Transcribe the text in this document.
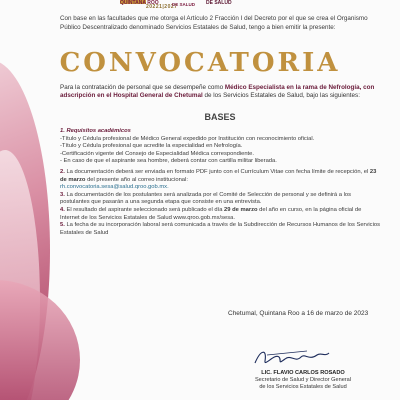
QUINTANA ROO
20221|2027
DE SALUD DE SALUD
Con base en las facultades que me otorga el Artículo 2 Fracción I del Decreto por el que se crea el Organismo Público Descentralizado denominado Servicios Estatales de Salud, tengo a bien emitir la presente:
CONVOCATORIA
Para la contratación de personal que se desempeñe como Médico Especialista en la rama de Nefrología, con adscripción en el Hospital General de Chetumal de los Servicios Estatales de Salud, bajo las siguientes:
BASES

1. Requisitos académicos

-Título y Cédula profesional de Médico General expedido por Institución con reconocimiento oficial.

-Título y Cédula profesional que acredite la especialidad en Nefrología.

-Certificación vigente del Consejo de Especialidad Médica correspondiente.

- En caso de que el aspirante sea hombre, deberá contar con cartilla militar liberada.

2. La documentación deberá ser enviada en formato PDF junto con el Currículum Vitae con fecha límite de recepción, el 23 de marzo del presente año al correo institucional:
rh.convocatoria.sesa@salud.qroo.gob.mx.

3. La documentación de los postulantes será analizada por el Comité de Selección de personal y se definirá a los postulantes que pasarán a una segunda etapa que consiste en una entrevista.

4. El resultado del aspirante seleccionado será publicado el día 29 de marzo del año en curso, en la página oficial de Internet de los Servicios Estatales de Salud www.qroo.gob.mx/sesa.

5. La fecha de su incorporación laboral será comunicada a través de la Subdirección de Recursos Humanos de los Servicios Estatales de Salud

Chetumal, Quintana Roo a 16 de marzo de 2023
LIC. FLAVIO CARLOS ROSADO
Secretario de Salud y Director General
de los Servicios Estatales de Salud
